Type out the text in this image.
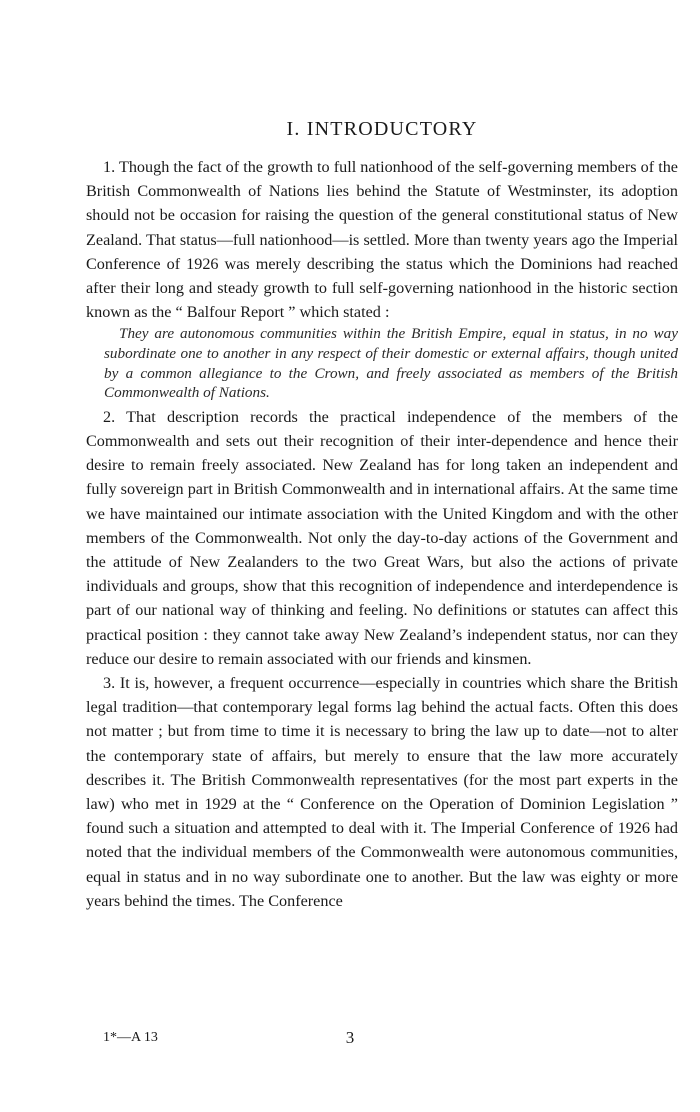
I. INTRODUCTORY

1. Though the fact of the growth to full nationhood of the self-governing members of the British Commonwealth of Nations lies behind the Statute of Westminster, its adoption should not be occasion for raising the question of the general constitutional status of New Zealand. That status—full nationhood—is settled. More than twenty years ago the Imperial Conference of 1926 was merely describing the status which the Dominions had reached after their long and steady growth to full self-governing nationhood in the historic section known as the “ Balfour Report ” which stated :

They are autonomous communities within the British Empire, equal in status, in no way subordinate one to another in any respect of their domestic or external affairs, though united by a common allegiance to the Crown, and freely associated as members of the British Commonwealth of Nations.

2. That description records the practical independence of the members of the Commonwealth and sets out their recognition of their inter-dependence and hence their desire to remain freely associated. New Zealand has for long taken an independent and fully sovereign part in British Commonwealth and in international affairs. At the same time we have maintained our intimate association with the United Kingdom and with the other members of the Commonwealth. Not only the day-to-day actions of the Government and the attitude of New Zealanders to the two Great Wars, but also the actions of private individuals and groups, show that this recognition of independence and interdependence is part of our national way of thinking and feeling. No definitions or statutes can affect this practical position : they cannot take away New Zealand’s independent status, nor can they reduce our desire to remain associated with our friends and kinsmen.

3. It is, however, a frequent occurrence—especially in countries which share the British legal tradition—that contemporary legal forms lag behind the actual facts. Often this does not matter ; but from time to time it is necessary to bring the law up to date—not to alter the contemporary state of affairs, but merely to ensure that the law more accurately describes it. The British Commonwealth representatives (for the most part experts in the law) who met in 1929 at the “ Conference on the Operation of Dominion Legislation ” found such a situation and attempted to deal with it. The Imperial Conference of 1926 had noted that the individual members of the Commonwealth were autonomous communities, equal in status and in no way subordinate one to another. But the law was eighty or more years behind the times. The Conference

1*—A 13	3
